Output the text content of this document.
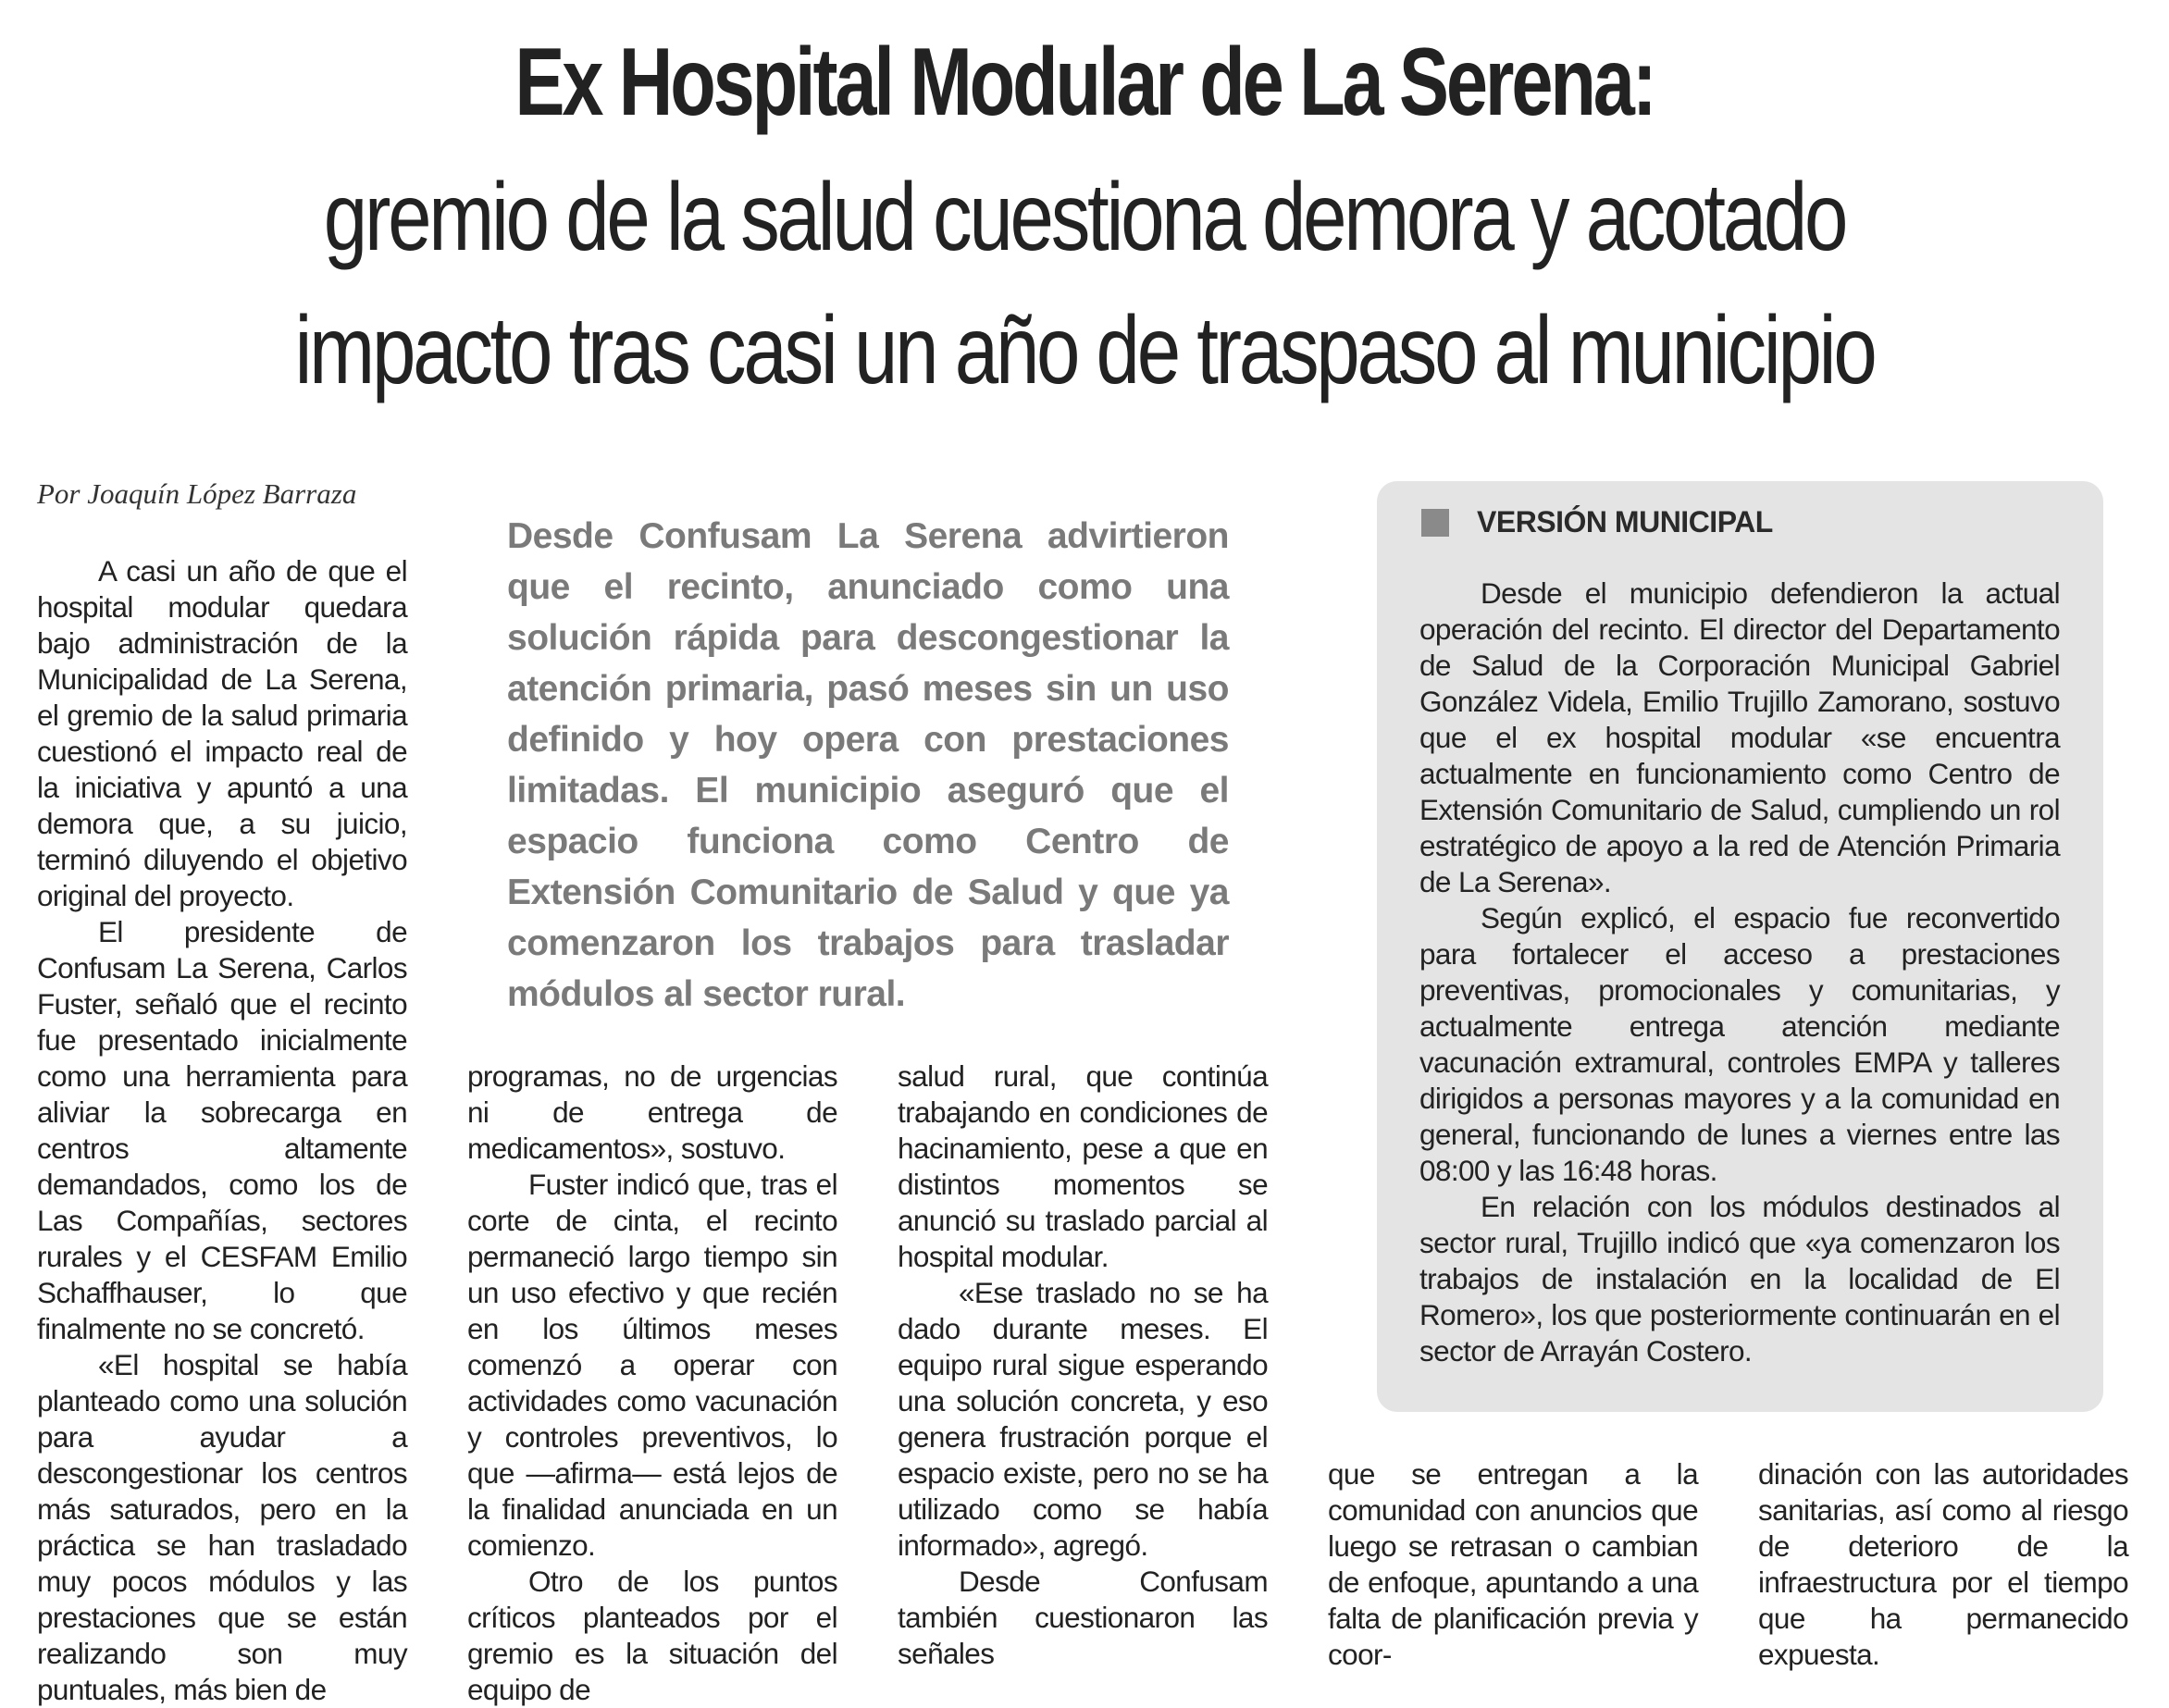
Ex Hospital Modular de La Serena:
gremio de la salud cuestiona demora y acotado
impacto tras casi un año de traspaso al municipio
Por Joaquín López Barraza
Desde Confusam La Serena advirtieron que el recinto, anunciado como una solución rápida para descongestionar la atención primaria, pasó meses sin un uso definido y hoy opera con prestaciones limitadas. El municipio aseguró que el espacio funciona como Centro de Extensión Comunitario de Salud y que ya comenzaron los trabajos para trasladar módulos al sector rural.

A casi un año de que el hospital modular quedara bajo administración de la Municipalidad de La Serena, el gremio de la salud primaria cuestionó el impacto real de la iniciativa y apuntó a una demora que, a su juicio, terminó diluyendo el objetivo original del proyecto.

El presidente de Confusam La Serena, Carlos Fuster, señaló que el recinto fue presentado inicialmente como una herramienta para aliviar la sobrecarga en centros altamente demandados, como los de Las Compañías, sectores rurales y el CESFAM Emilio Schaffhauser, lo que finalmente no se concretó.

«El hospital se había planteado como una solución para ayudar a descongestionar los centros más saturados, pero en la práctica se han trasladado muy pocos módulos y las prestaciones que se están realizando son muy puntuales, más bien de

programas, no de urgencias ni de entrega de medicamentos», sostuvo.

Fuster indicó que, tras el corte de cinta, el recinto permaneció largo tiempo sin un uso efectivo y que recién en los últimos meses comenzó a operar con actividades como vacunación y controles preventivos, lo que —afirma— está lejos de la finalidad anunciada en un comienzo.

Otro de los puntos críticos planteados por el gremio es la situación del equipo de

salud rural, que continúa trabajando en condiciones de hacinamiento, pese a que en distintos momentos se anunció su traslado parcial al hospital modular.

«Ese traslado no se ha dado durante meses. El equipo rural sigue esperando una solución concreta, y eso genera frustración porque el espacio existe, pero no se ha utilizado como se había informado», agregó.

Desde Confusam también cuestionaron las señales

VERSIÓN MUNICIPAL

Desde el municipio defendieron la actual operación del recinto. El director del Departamento de Salud de la Corporación Municipal Gabriel González Videla, Emilio Trujillo Zamorano, sostuvo que el ex hospital modular «se encuentra actualmente en funcionamiento como Centro de Extensión Comunitario de Salud, cumpliendo un rol estratégico de apoyo a la red de Atención Primaria de La Serena».

Según explicó, el espacio fue reconvertido para fortalecer el acceso a prestaciones preventivas, promocionales y comunitarias, y actualmente entrega atención mediante vacunación extramural, controles EMPA y talleres dirigidos a personas mayores y a la comunidad en general, funcionando de lunes a viernes entre las 08:00 y las 16:48 horas.

En relación con los módulos destinados al sector rural, Trujillo indicó que «ya comenzaron los trabajos de instalación en la localidad de El Romero», los que posteriormente continuarán en el sector de Arrayán Costero.

que se entregan a la comunidad con anuncios que luego se retrasan o cambian de enfoque, apuntando a una falta de planificación previa y coor-

dinación con las autoridades sanitarias, así como al riesgo de deterioro de la infraestructura por el tiempo que ha permanecido expuesta.
